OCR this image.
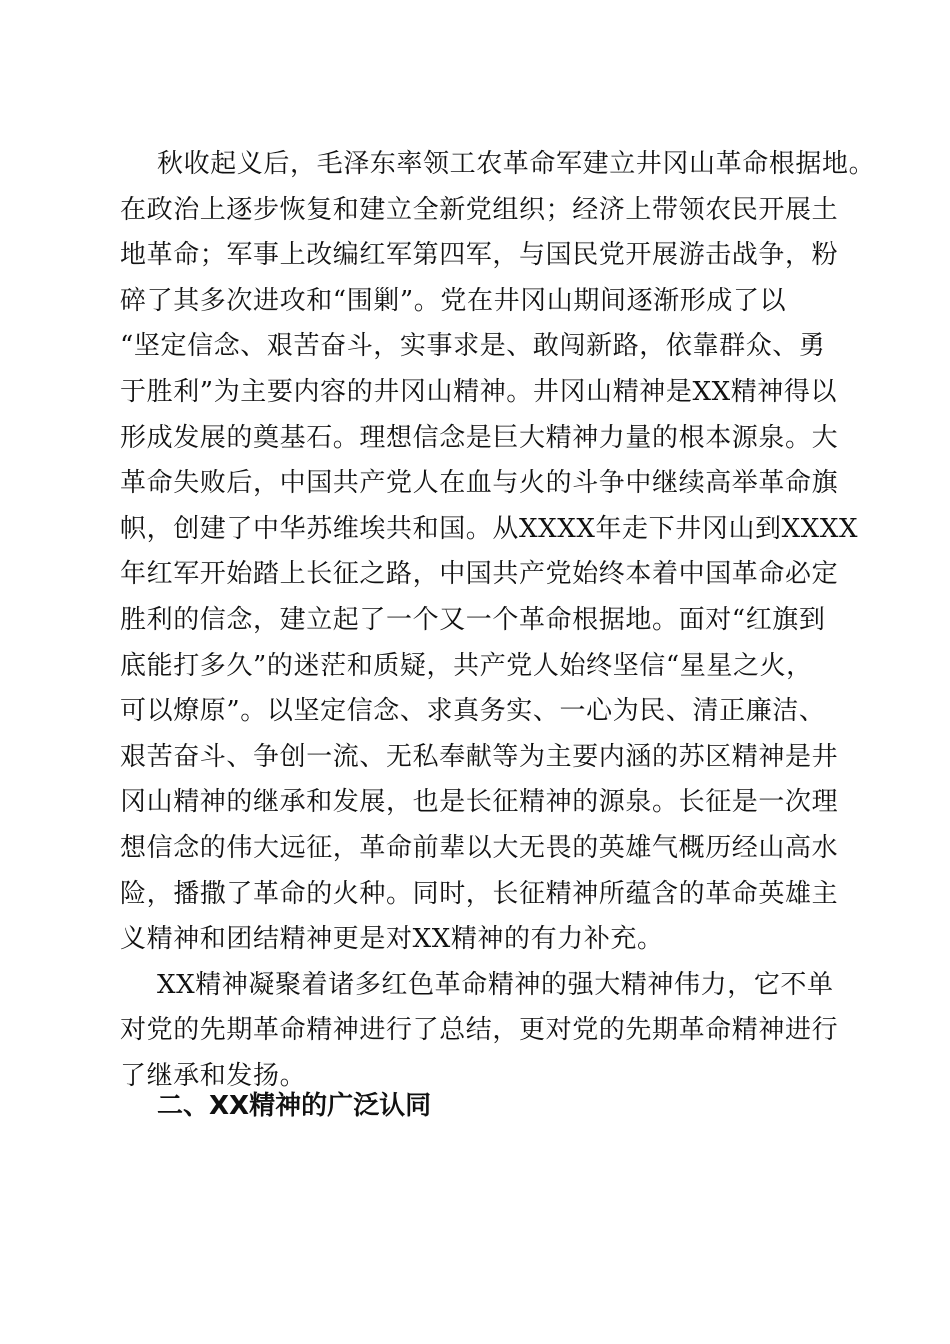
秋收起义后，毛泽东率领工农革命军建立井冈山革命根据地。
在政治上逐步恢复和建立全新党组织；经济上带领农民开展土
地革命；军事上改编红军第四军，与国民党开展游击战争，粉
碎了其多次进攻和“围剿”。党在井冈山期间逐渐形成了以
“坚定信念、艰苦奋斗，实事求是、敢闯新路，依靠群众、勇
于胜利”为主要内容的井冈山精神。井冈山精神是XX精神得以
形成发展的奠基石。理想信念是巨大精神力量的根本源泉。大
革命失败后，中国共产党人在血与火的斗争中继续高举革命旗
帜，创建了中华苏维埃共和国。从XXXX年走下井冈山到XXXX
年红军开始踏上长征之路，中国共产党始终本着中国革命必定
胜利的信念，建立起了一个又一个革命根据地。面对“红旗到
底能打多久”的迷茫和质疑，共产党人始终坚信“星星之火，
可以燎原”。以坚定信念、求真务实、一心为民、清正廉洁、
艰苦奋斗、争创一流、无私奉献等为主要内涵的苏区精神是井
冈山精神的继承和发展，也是长征精神的源泉。长征是一次理
想信念的伟大远征，革命前辈以大无畏的英雄气概历经山高水
险，播撒了革命的火种。同时，长征精神所蕴含的革命英雄主
义精神和团结精神更是对XX精神的有力补充。
XX精神凝聚着诸多红色革命精神的强大精神伟力，它不单
对党的先期革命精神进行了总结，更对党的先期革命精神进行
了继承和发扬。
二、XX精神的广泛认同
